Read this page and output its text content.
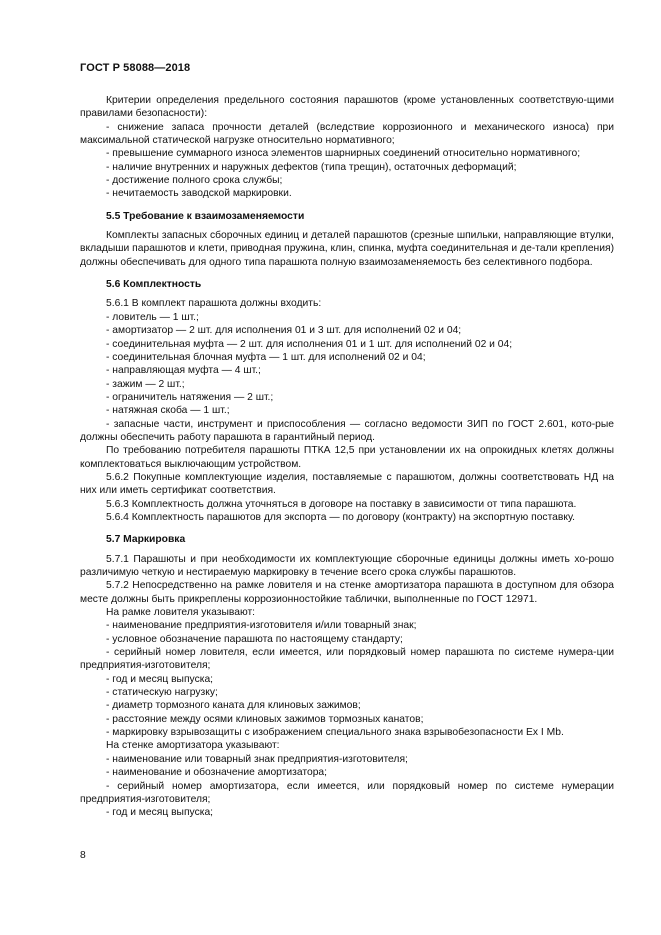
ГОСТ Р 58088—2018

Критерии определения предельного состояния парашютов (кроме установленных соответствую-щими правилами безопасности):

- снижение запаса прочности деталей (вследствие коррозионного и механического износа) при максимальной статической нагрузке относительно нормативного;

- превышение суммарного износа элементов шарнирных соединений относительно нормативного;

- наличие внутренних и наружных дефектов (типа трещин), остаточных деформаций;

- достижение полного срока службы;

- нечитаемость заводской маркировки.

5.5 Требование к взаимозаменяемости

Комплекты запасных сборочных единиц и деталей парашютов (срезные шпильки, направляющие втулки, вкладыши парашютов и клети, приводная пружина, клин, спинка, муфта соединительная и де-тали крепления) должны обеспечивать для одного типа парашюта полную взаимозаменяемость без селективного подбора.

5.6 Комплектность

5.6.1 В комплект парашюта должны входить:

- ловитель — 1 шт.;

- амортизатор — 2 шт. для исполнения 01 и 3 шт. для исполнений 02 и 04;

- соединительная муфта — 2 шт. для исполнения 01 и 1 шт. для исполнений 02 и 04;

- соединительная блочная муфта — 1 шт. для исполнений 02 и 04;

- направляющая муфта — 4 шт.;

- зажим — 2 шт.;

- ограничитель натяжения — 2 шт.;

- натяжная скоба — 1 шт.;

- запасные части, инструмент и приспособления — согласно ведомости ЗИП по ГОСТ 2.601, кото-рые должны обеспечить работу парашюта в гарантийный период.

По требованию потребителя парашюты ПТКА 12,5 при установлении их на опрокидных клетях должны комплектоваться выключающим устройством.

5.6.2 Покупные комплектующие изделия, поставляемые с парашютом, должны соответствовать НД на них или иметь сертификат соответствия.

5.6.3 Комплектность должна уточняться в договоре на поставку в зависимости от типа парашюта.

5.6.4 Комплектность парашютов для экспорта — по договору (контракту) на экспортную поставку.

5.7 Маркировка

5.7.1 Парашюты и при необходимости их комплектующие сборочные единицы должны иметь хо-рошо различимую четкую и нестираемую маркировку в течение всего срока службы парашютов.

5.7.2 Непосредственно на рамке ловителя и на стенке амортизатора парашюта в доступном для обзора месте должны быть прикреплены коррозионностойкие таблички, выполненные по ГОСТ 12971.

На рамке ловителя указывают:

- наименование предприятия-изготовителя и/или товарный знак;

- условное обозначение парашюта по настоящему стандарту;

- серийный номер ловителя, если имеется, или порядковый номер парашюта по системе нумера-ции предприятия-изготовителя;

- год и месяц выпуска;

- статическую нагрузку;

- диаметр тормозного каната для клиновых зажимов;

- расстояние между осями клиновых зажимов тормозных канатов;

- маркировку взрывозащиты с изображением специального знака взрывобезопасности Ex I Mb.

На стенке амортизатора указывают:

- наименование или товарный знак предприятия-изготовителя;

- наименование и обозначение амортизатора;

- серийный номер амортизатора, если имеется, или порядковый номер по системе нумерации предприятия-изготовителя;

- год и месяц выпуска;

8
